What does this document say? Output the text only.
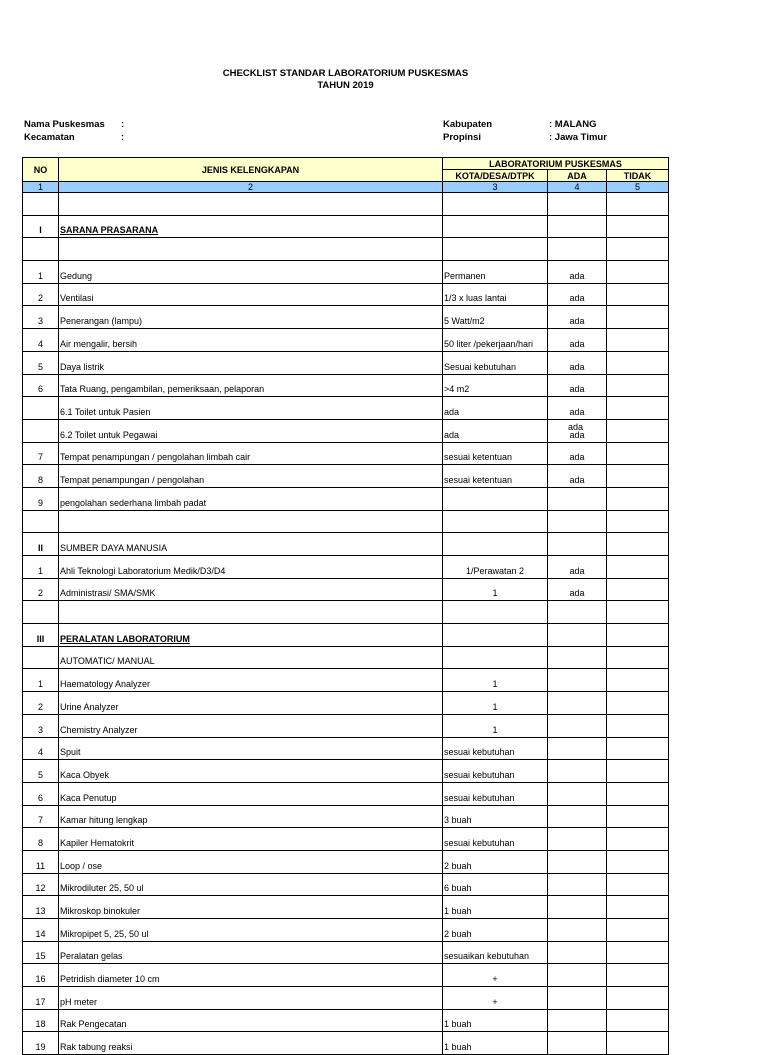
CHECKLIST STANDAR LABORATORIUM PUSKESMAS
TAHUN 2019
Nama Puskesmas :
Kecamatan	:
Kabupaten	: MALANG
Propinsi	: Jawa Timur
NO	JENIS KELENGKAPAN	LABORATORIUM PUSKESMAS		
		KOTA/DESA/DTPK	ADA	TIDAK
1	2	3	4	5

I	SARANA PRASARANA			

1	Gedung	Permanen	ada	
2	Ventilasi	1/3 x luas lantai	ada	
3	Penerangan (lampu)	5 Watt/m2	ada	
4	Air mengalir, bersih	50 liter /pekerjaan/hari	ada	
5	Daya listrik	Sesuai kebutuhan	ada	
6	Tata Ruang, pengambilan, pemeriksaan, pelaporan	>4 m2	ada	
	6.1 Toilet untuk Pasien	ada	ada	
	6.2 Toilet untuk Pegawai	ada	ada	
7	Tempat penampungan / pengolahan limbah cair	sesuai ketentuan	ada	
8	Tempat penampungan / pengolahan	sesuai ketentuan	ada	
9	pengolahan sederhana limbah padat			

II	SUMBER DAYA MANUSIA			
1	Ahli Teknologi Laboratorium Medik/D3/D4	1/Perawatan 2	ada	
2	Administrasi/ SMA/SMK	1	ada	

III	PERALATAN LABORATORIUM			
	AUTOMATIC/ MANUAL			
1	Haematology Analyzer	1		
2	Urine Analyzer	1		
3	Chemistry Analyzer	1		
4	Spuit	sesuai kebutuhan		
5	Kaca Obyek	sesuai kebutuhan		
6	Kaca Penutup	sesuai kebutuhan		
7	Kamar hitung lengkap	3 buah		
8	Kapiler Hematokrit	sesuai kebutuhan		
11	Loop / ose	2 buah		
12	Mikrodiluter 25, 50 ul	6 buah		
13	Mikroskop binokuler	1 buah		
14	Mikropipet 5, 25, 50 ul	2 buah		
15	Peralatan gelas	sesuaikan kebutuhan		
16	Petridish diameter 10 cm	+		
17	pH meter	+		
18	Rak Pengecatan	1 buah		
19	Rak tabung reaksi	1 buah		
ada
